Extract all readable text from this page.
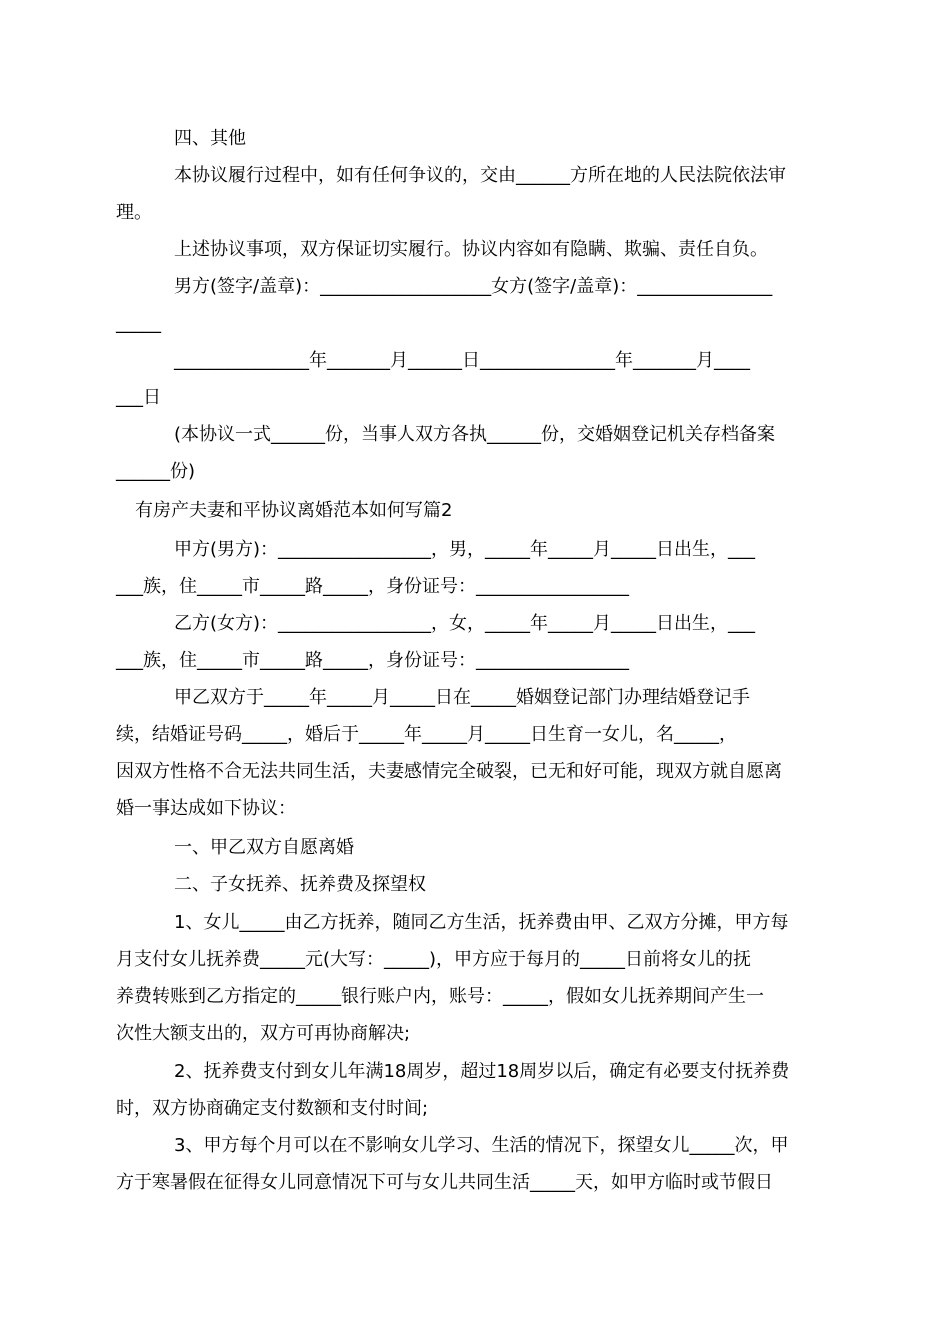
四、其他
本协议履行过程中，如有任何争议的，交由______方所在地的人民法院依法审
理。
上述协议事项，双方保证切实履行。协议内容如有隐瞒、欺骗、责任自负。
男方(签字/盖章)：___________________女方(签字/盖章)：_______________
_____
_______________年_______月______日_______________年_______月____
___日
(本协议一式______份，当事人双方各执______份，交婚姻登记机关存档备案
______份)
有房产夫妻和平协议离婚范本如何写篇2
甲方(男方)：_________________，男，_____年_____月_____日出生，___
___族，住_____市_____路_____，身份证号：_________________
乙方(女方)：_________________，女，_____年_____月_____日出生，___
___族，住_____市_____路_____，身份证号：_________________
甲乙双方于_____年_____月_____日在_____婚姻登记部门办理结婚登记手
续，结婚证号码_____，婚后于_____年_____月_____日生育一女儿，名_____，
因双方性格不合无法共同生活，夫妻感情完全破裂，已无和好可能，现双方就自愿离
婚一事达成如下协议：
一、甲乙双方自愿离婚
二、子女抚养、抚养费及探望权
1、女儿_____由乙方抚养，随同乙方生活，抚养费由甲、乙双方分摊，甲方每
月支付女儿抚养费_____元(大写：_____)，甲方应于每月的_____日前将女儿的抚
养费转账到乙方指定的_____银行账户内，账号：_____，假如女儿抚养期间产生一
次性大额支出的，双方可再协商解决;
2、抚养费支付到女儿年满18周岁，超过18周岁以后，确定有必要支付抚养费
时，双方协商确定支付数额和支付时间;
3、甲方每个月可以在不影响女儿学习、生活的情况下，探望女儿_____次，甲
方于寒暑假在征得女儿同意情况下可与女儿共同生活_____天，如甲方临时或节假日
